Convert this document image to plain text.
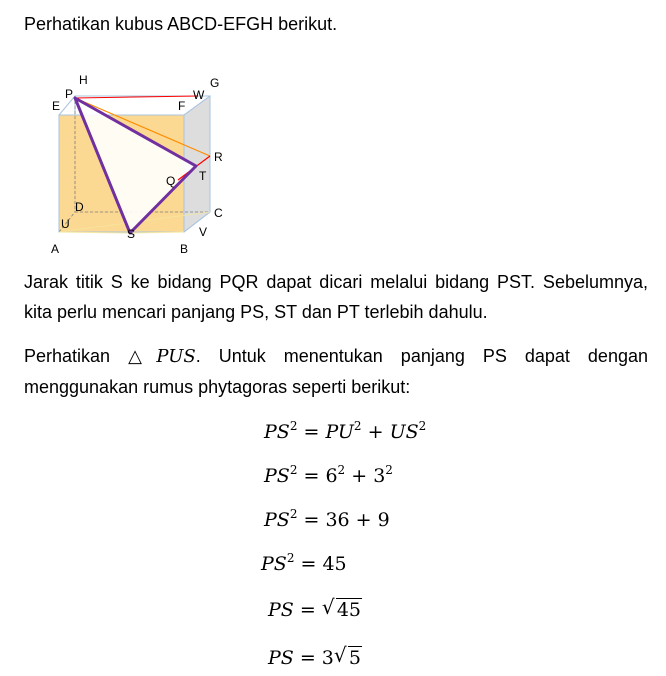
Perhatikan kubus ABCD-EFGH berikut.

H	G
P
E
W
F
R
Q T
D	C
U
V
S
A	B

Jarak titik S ke bidang PQR dapat dicari melalui bidang PST. Sebelumnya, kita perlu mencari panjang PS, ST dan PT terlebih dahulu.

Perhatikan △ PUS. Untuk menentukan panjang PS dapat dengan menggunakan rumus phytagoras seperti berikut:

$PS^2 = PU^2 + US^2$
$PS^2 = 6^2 + 3^2$
$PS^2 = 36 + 9$
$PS^2 = 45$
PS = √ 45
PS = 3 √ 5
